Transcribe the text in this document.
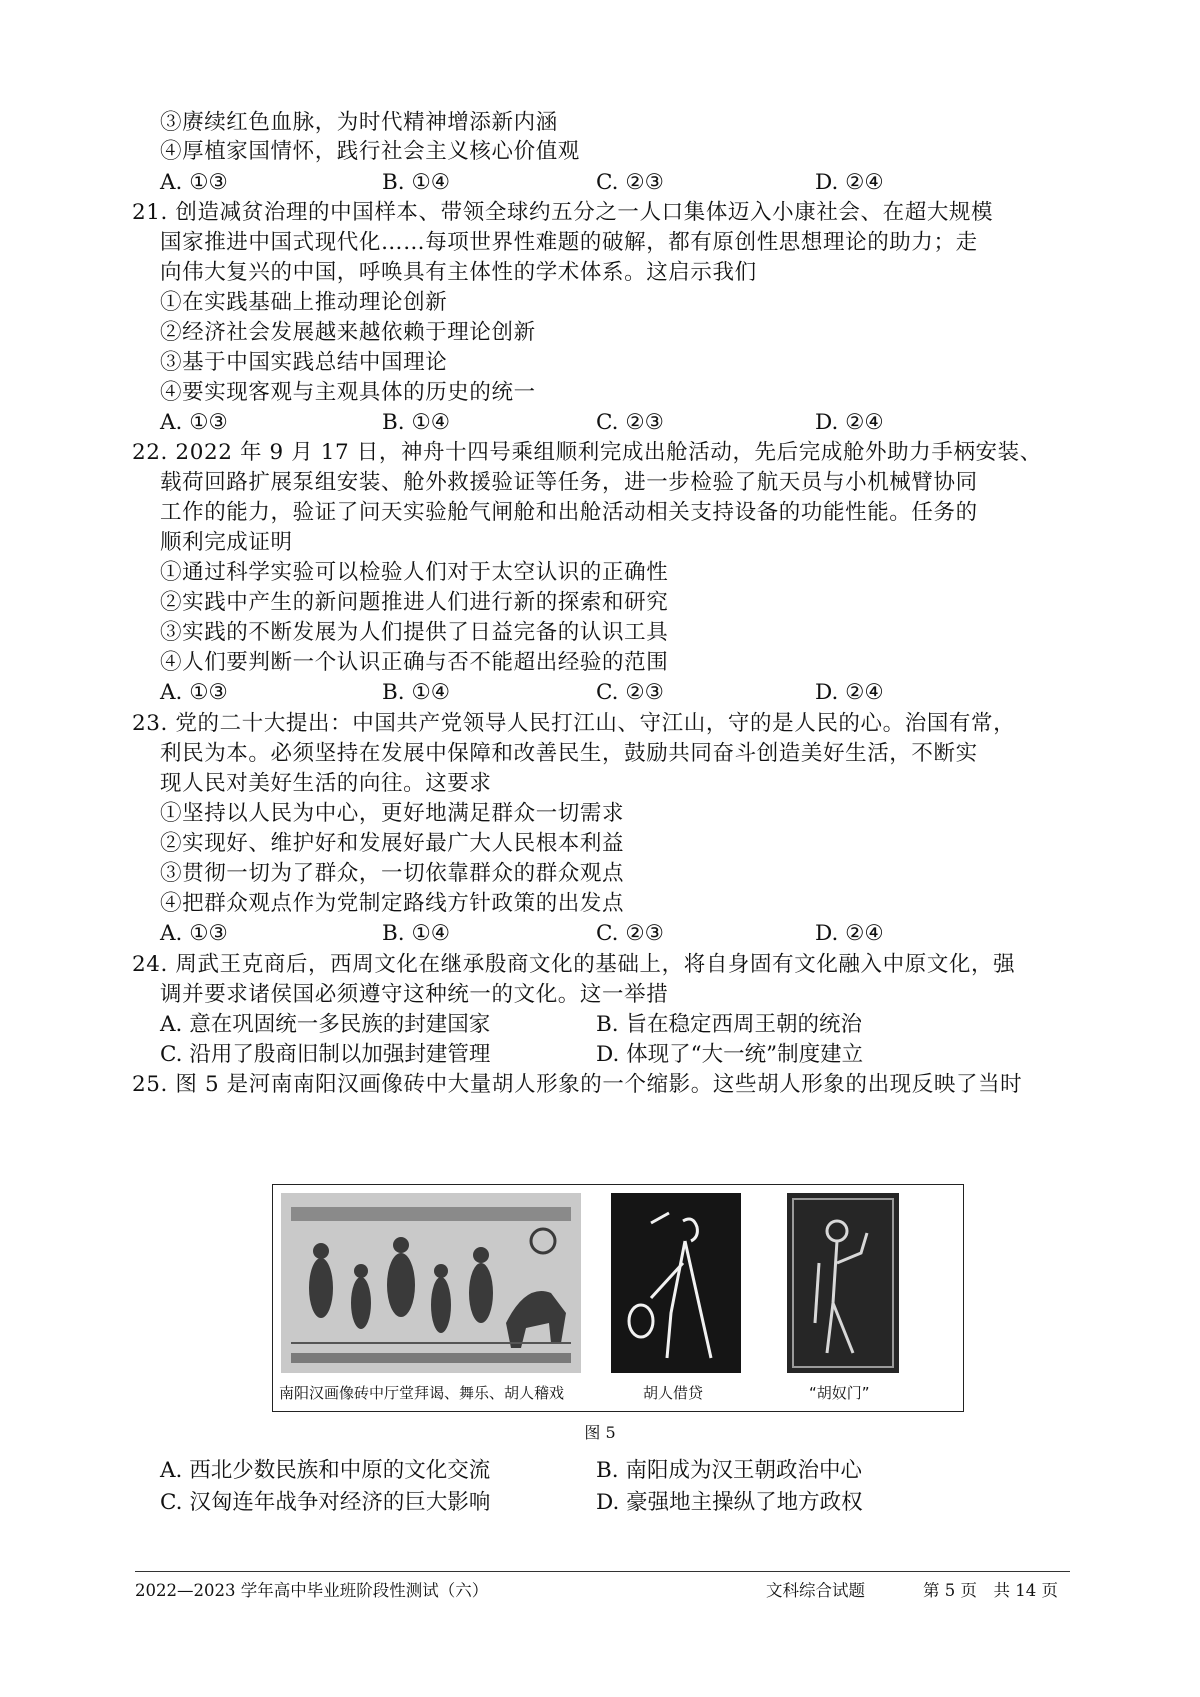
③赓续红色血脉，为时代精神增添新内涵
④厚植家国情怀，践行社会主义核心价值观
A. ①③	B. ①④	C. ②③	D. ②④
21. 创造减贫治理的中国样本、带领全球约五分之一人口集体迈入小康社会、在超大规模
国家推进中国式现代化……每项世界性难题的破解，都有原创性思想理论的助力；走
向伟大复兴的中国，呼唤具有主体性的学术体系。这启示我们
①在实践基础上推动理论创新
②经济社会发展越来越依赖于理论创新
③基于中国实践总结中国理论
④要实现客观与主观具体的历史的统一
A. ①③	B. ①④	C. ②③	D. ②④
22. 2022 年 9 月 17 日，神舟十四号乘组顺利完成出舱活动，先后完成舱外助力手柄安装、
载荷回路扩展泵组安装、舱外救援验证等任务，进一步检验了航天员与小机械臂协同
工作的能力，验证了问天实验舱气闸舱和出舱活动相关支持设备的功能性能。任务的
顺利完成证明
①通过科学实验可以检验人们对于太空认识的正确性
②实践中产生的新问题推进人们进行新的探索和研究
③实践的不断发展为人们提供了日益完备的认识工具
④人们要判断一个认识正确与否不能超出经验的范围
A. ①③	B. ①④	C. ②③	D. ②④
23. 党的二十大提出：中国共产党领导人民打江山、守江山，守的是人民的心。治国有常，
利民为本。必须坚持在发展中保障和改善民生，鼓励共同奋斗创造美好生活，不断实
现人民对美好生活的向往。这要求
①坚持以人民为中心，更好地满足群众一切需求
②实现好、维护好和发展好最广大人民根本利益
③贯彻一切为了群众，一切依靠群众的群众观点
④把群众观点作为党制定路线方针政策的出发点
A. ①③	B. ①④	C. ②③	D. ②④
24. 周武王克商后，西周文化在继承殷商文化的基础上，将自身固有文化融入中原文化，强
调并要求诸侯国必须遵守这种统一的文化。这一举措
A. 意在巩固统一多民族的封建国家	B. 旨在稳定西周王朝的统治
C. 沿用了殷商旧制以加强封建管理	D. 体现了“大一统”制度建立
25. 图 5 是河南南阳汉画像砖中大量胡人形象的一个缩影。这些胡人形象的出现反映了当时
南阳汉画像砖中厅堂拜谒、舞乐、胡人稽戏	胡人借贷	“胡奴门”
图 5
A. 西北少数民族和中原的文化交流	B. 南阳成为汉王朝政治中心
C. 汉匈连年战争对经济的巨大影响	D. 豪强地主操纵了地方政权
2022—2023 学年高中毕业班阶段性测试（六）	文科综合试题	第 5 页　共 14 页
